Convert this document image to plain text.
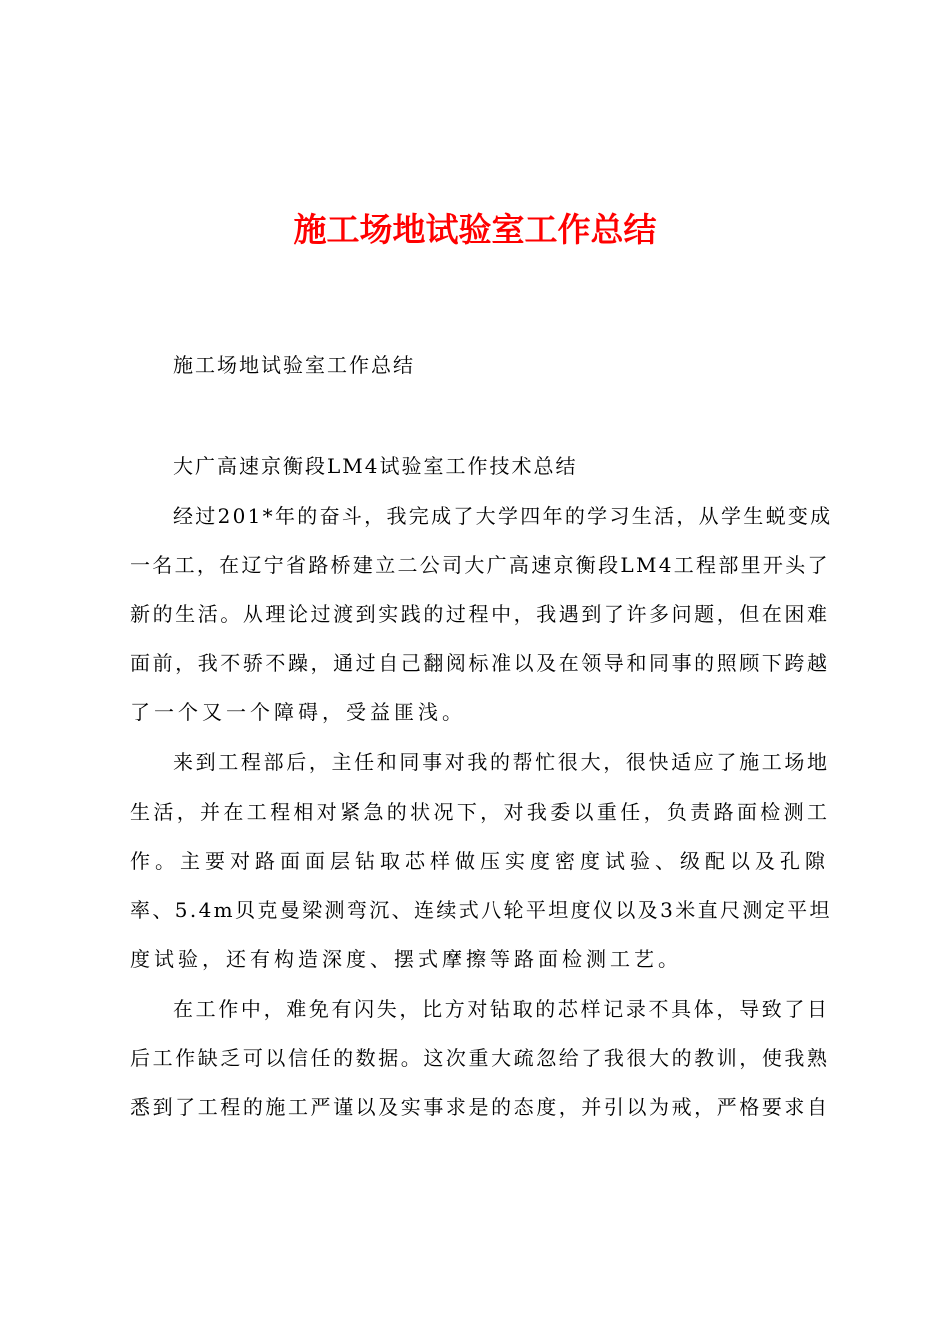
施工场地试验室工作总结

施工场地试验室工作总结

大广高速京衡段LM4试验室工作技术总结

经过201*年的奋斗，我完成了大学四年的学习生活，从学生蜕变成
一名工，在辽宁省路桥建立二公司大广高速京衡段LM4工程部里开头了
新的生活。从理论过渡到实践的过程中，我遇到了许多问题，但在困难
面前，我不骄不躁，通过自己翻阅标准以及在领导和同事的照顾下跨越
了一个又一个障碍，受益匪浅。
来到工程部后，主任和同事对我的帮忙很大，很快适应了施工场地
生活，并在工程相对紧急的状况下，对我委以重任，负责路面检测工
作。主要对路面面层钻取芯样做压实度密度试验、级配以及孔隙
率、5.4m贝克曼梁测弯沉、连续式八轮平坦度仪以及3米直尺测定平坦
度试验，还有构造深度、摆式摩擦等路面检测工艺。
在工作中，难免有闪失，比方对钻取的芯样记录不具体，导致了日
后工作缺乏可以信任的数据。这次重大疏忽给了我很大的教训，使我熟
悉到了工程的施工严谨以及实事求是的态度，并引以为戒，严格要求自
